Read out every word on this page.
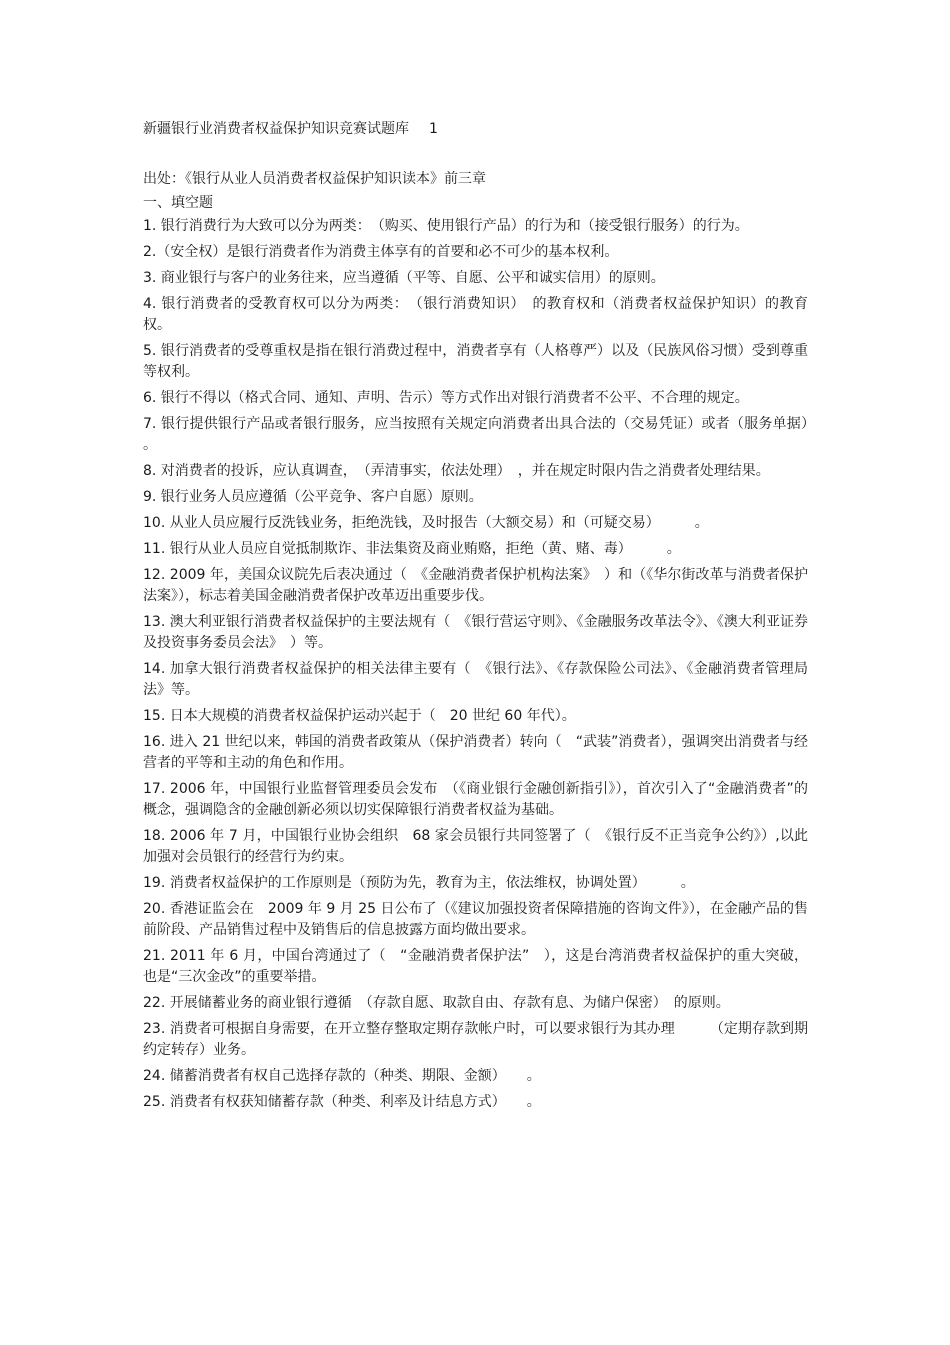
新疆银行业消费者权益保护知识竞赛试题库 1
出处：《银行从业人员消费者权益保护知识读本》前三章
一、填空题
1. 银行消费行为大致可以分为两类：　（购买、使用银行产品）的行为和（接受银行服务）的行为。
2.（安全权）是银行消费者作为消费主体享有的首要和必不可少的基本权利。
3. 商业银行与客户的业务往来，应当遵循（平等、自愿、公平和诚实信用）的原则。
4. 银行消费者的受教育权可以分为两类：　（银行消费知识）　的教育权和（消费者权益保护知识）的教育权。
5. 银行消费者的受尊重权是指在银行消费过程中，消费者享有（人格尊严）以及（民族风俗习惯）受到尊重等权利。
6. 银行不得以（格式合同、通知、声明、告示）等方式作出对银行消费者不公平、不合理的规定。
7. 银行提供银行产品或者银行服务，应当按照有关规定向消费者出具合法的（交易凭证）或者（服务单据）　。
8. 对消费者的投诉，应认真调查，　（弄清事实，依法处理）　，并在规定时限内告之消费者处理结果。
9. 银行业务人员应遵循（公平竞争、客户自愿）原则。
10. 从业人员应履行反洗钱业务，拒绝洗钱，及时报告（大额交易）和（可疑交易）　　　。
11. 银行从业人员应自觉抵制欺诈、非法集资及商业贿赂，拒绝（黄、赌、毒）　　　。
12. 2009 年，美国众议院先后表决通过（　《金融消费者保护机构法案》　）和（《华尔街改革与消费者保护法案》），标志着美国金融消费者保护改革迈出重要步伐。
13. 澳大利亚银行消费者权益保护的主要法规有（　《银行营运守则》、《金融服务改革法令》、《澳大利亚证券及投资事务委员会法》　）等。
14. 加拿大银行消费者权益保护的相关法律主要有（　《银行法》、《存款保险公司法》、《金融消费者管理局法》等。
15. 日本大规模的消费者权益保护运动兴起于（　20 世纪 60 年代）。
16. 进入 21 世纪以来，韩国的消费者政策从（保护消费者）转向（　“武装”消费者），强调突出消费者与经营者的平等和主动的角色和作用。
17. 2006 年，中国银行业监督管理委员会发布　（《商业银行金融创新指引》），首次引入了“金融消费者”的概念，强调隐含的金融创新必须以切实保障银行消费者权益为基础。
18. 2006 年 7 月，中国银行业协会组织　68 家会员银行共同签署了（　《银行反不正当竞争公约》）,以此加强对会员银行的经营行为约束。
19. 消费者权益保护的工作原则是（预防为先，教育为主，依法维权，协调处置）　　　。
20. 香港证监会在　2009 年 9 月 25 日公布了（《建议加强投资者保障措施的咨询文件》），在金融产品的售前阶段、产品销售过程中及销售后的信息披露方面均做出要求。
21. 2011 年 6 月，中国台湾通过了（　“金融消费者保护法”　），这是台湾消费者权益保护的重大突破，也是“三次金改”的重要举措。
22. 开展储蓄业务的商业银行遵循　（存款自愿、取款自由、存款有息、为储户保密）　的原则。
23. 消费者可根据自身需要，在开立整存整取定期存款帐户时，可以要求银行为其办理　　　（定期存款到期约定转存）业务。
24. 储蓄消费者有权自己选择存款的（种类、期限、金额）　　。
25. 消费者有权获知储蓄存款（种类、利率及计结息方式）　　。
